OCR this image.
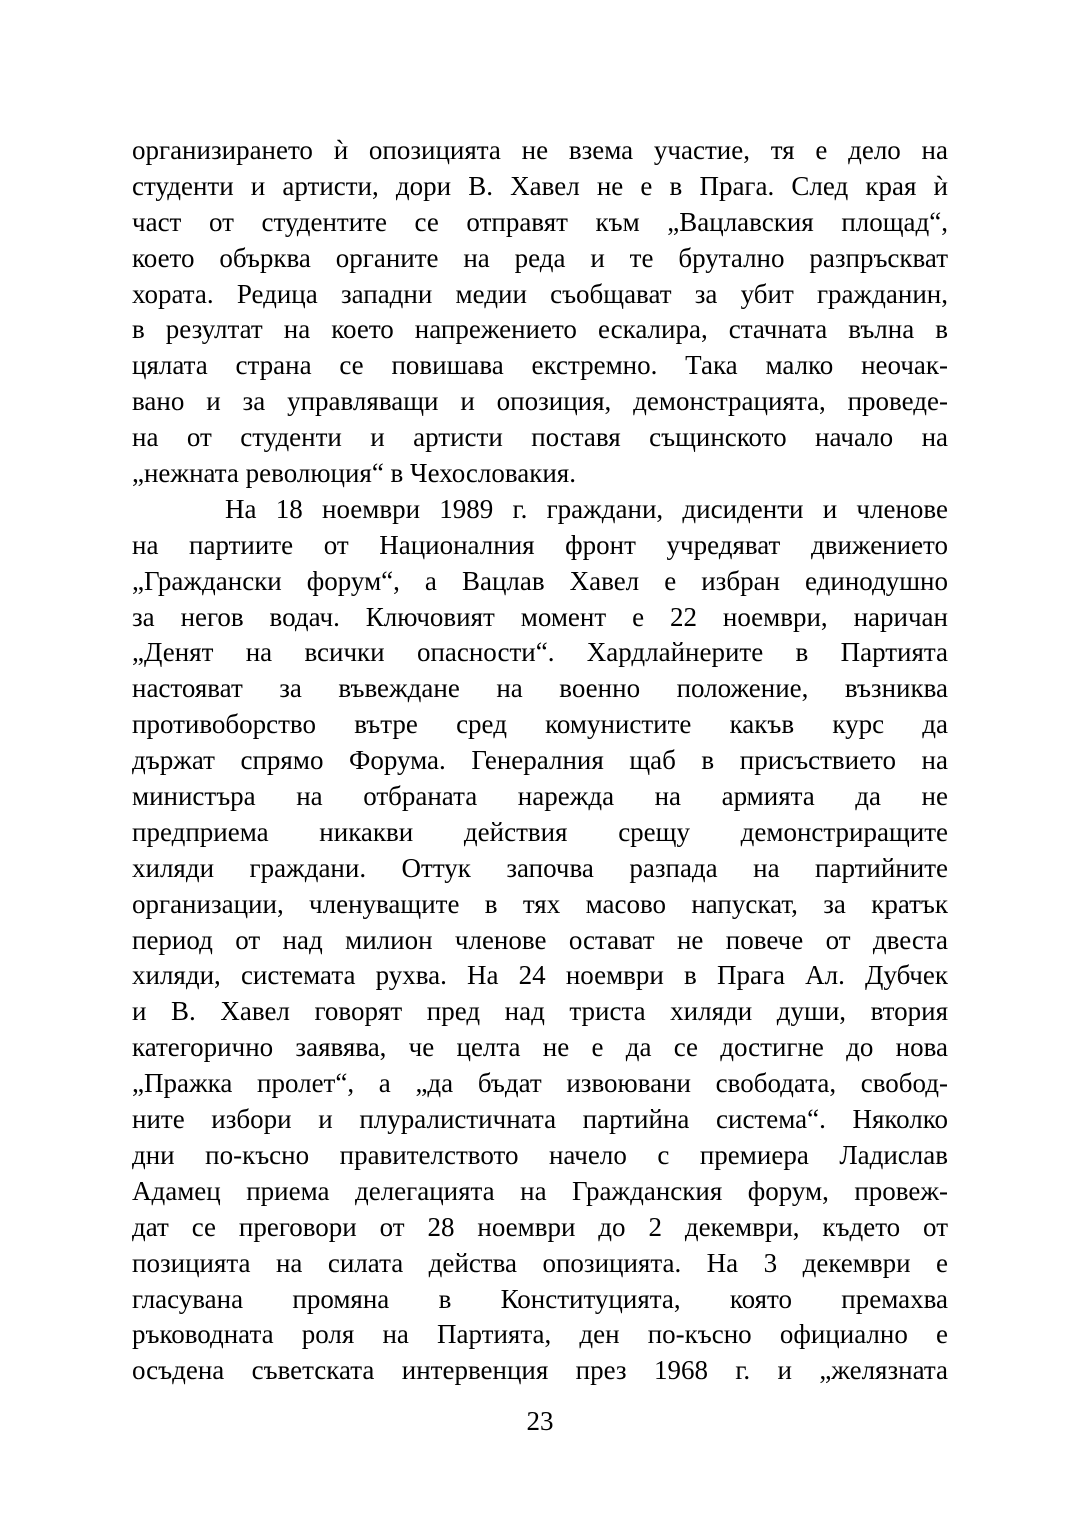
организирането ѝ опозицията не взема участие, тя е дело на
студенти и артисти, дори В. Хавел не е в Прага. След края ѝ
част от студентите се отправят към „Вацлавския площад“,
което обърква органите на реда и те брутално разпръскват
хората. Редица западни медии съобщават за убит гражданин,
в резултат на което напрежението ескалира, стачната вълна в
цялата страна се повишава екстремно. Така малко неочак-
вано и за управляващи и опозиция, демонстрацията, проведе-
на от студенти и артисти поставя същинското начало на
„нежната революция“ в Чехословакия.
На 18 ноември 1989 г. граждани, дисиденти и членове
на партиите от Националния фронт учредяват движението
„Граждански форум“, а Вацлав Хавел е избран единодушно
за негов водач. Ключовият момент е 22 ноември, наричан
„Денят на всички опасности“. Хардлайнерите в Партията
настояват за въвеждане на военно положение, възниква
противоборство вътре сред комунистите какъв курс да
държат спрямо Форума. Генералния щаб в присъствието на
министъра на отбраната нарежда на армията да не
предприема никакви действия срещу демонстриращите
хиляди граждани. Оттук започва разпада на партийните
организации, членуващите в тях масово напускат, за кратък
период от над милион членове остават не повече от двеста
хиляди, системата рухва. На 24 ноември в Прага Ал. Дубчек
и В. Хавел говорят пред над триста хиляди души, втория
категорично заявява, че целта не е да се достигне до нова
„Пражка пролет“, а „да бъдат извоювани свободата, свобод-
ните избори и плуралистичната партийна система“. Няколко
дни по-късно правителството начело с премиера Ладислав
Адамец приема делегацията на Гражданския форум, провеж-
дат се преговори от 28 ноември до 2 декември, където от
позицията на силата действа опозицията. На 3 декември е
гласувана промяна в Конституцията, която премахва
ръководната роля на Партията, ден по-късно официално е
осъдена съветската интервенция през 1968 г. и „желязната
23
